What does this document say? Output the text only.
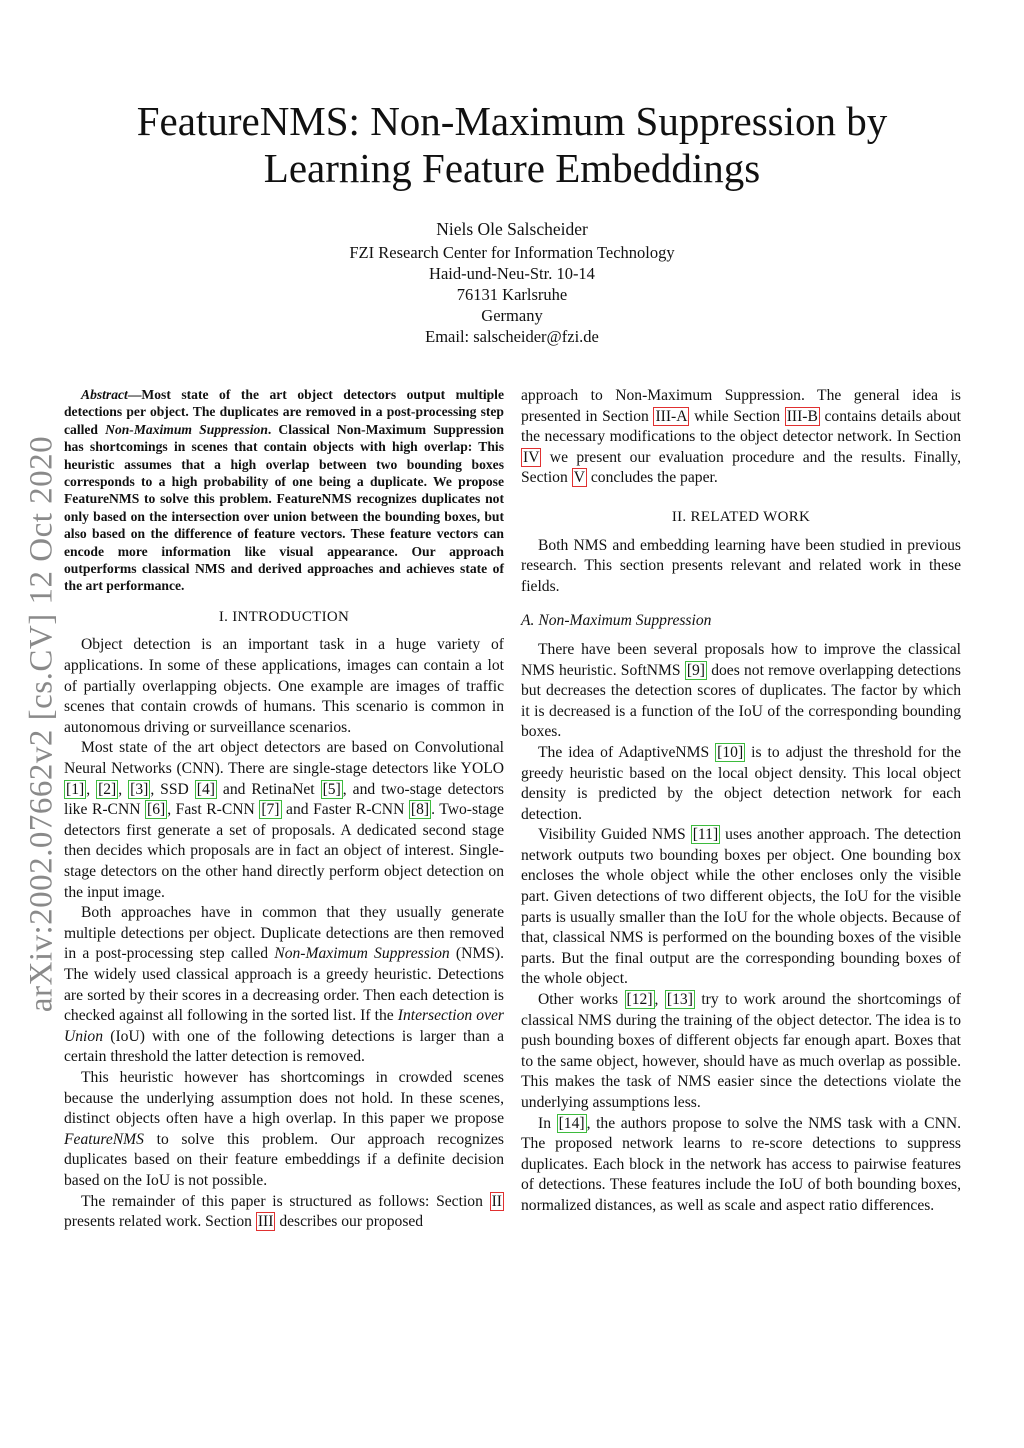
FeatureNMS: Non-Maximum Suppression by
Learning Feature Embeddings
Niels Ole Salscheider
FZI Research Center for Information Technology
Haid-und-Neu-Str. 10-14
76131 Karlsruhe
Germany
Email: salscheider@fzi.de
arXiv:2002.07662v2 [cs.CV] 12 Oct 2020
Abstract—Most state of the art object detectors output multiple detections per object. The duplicates are removed in a post-processing step called Non-Maximum Suppression. Classical Non-Maximum Suppression has shortcomings in scenes that contain objects with high overlap: This heuristic assumes that a high overlap between two bounding boxes corresponds to a high probability of one being a duplicate. We propose FeatureNMS to solve this problem. FeatureNMS recognizes duplicates not only based on the intersection over union between the bounding boxes, but also based on the difference of feature vectors. These feature vectors can encode more information like visual appearance. Our approach outperforms classical NMS and derived approaches and achieves state of the art performance.
I. INTRODUCTION

Object detection is an important task in a huge variety of applications. In some of these applications, images can contain a lot of partially overlapping objects. One example are images of traffic scenes that contain crowds of humans. This scenario is common in autonomous driving or surveillance scenarios.

Most state of the art object detectors are based on Convolutional Neural Networks (CNN). There are single-stage detectors like YOLO [1] , [2] , [3] , SSD [4] and RetinaNet [5] , and two-stage detectors like R-CNN [6] , Fast R-CNN [7] and Faster R-CNN [8] . Two-stage detectors first generate a set of proposals. A dedicated second stage then decides which proposals are in fact an object of interest. Single-stage detectors on the other hand directly perform object detection on the input image.

Both approaches have in common that they usually generate multiple detections per object. Duplicate detections are then removed in a post-processing step called Non-Maximum Suppression (NMS). The widely used classical approach is a greedy heuristic. Detections are sorted by their scores in a decreasing order. Then each detection is checked against all following in the sorted list. If the Intersection over Union (IoU) with one of the following detections is larger than a certain threshold the latter detection is removed.

This heuristic however has shortcomings in crowded scenes because the underlying assumption does not hold. In these scenes, distinct objects often have a high overlap. In this paper we propose FeatureNMS to solve this problem. Our approach recognizes duplicates based on their feature embeddings if a definite decision based on the IoU is not possible.

The remainder of this paper is structured as follows: Section II presents related work. Section III describes our proposed

approach to Non-Maximum Suppression. The general idea is presented in Section III-A while Section III-B contains details about the necessary modifications to the object detector network. In Section IV we present our evaluation procedure and the results. Finally, Section V concludes the paper.

II. RELATED WORK

Both NMS and embedding learning have been studied in previous research. This section presents relevant and related work in these fields.

A. Non-Maximum Suppression

There have been several proposals how to improve the classical NMS heuristic. SoftNMS [9] does not remove overlapping detections but decreases the detection scores of duplicates. The factor by which it is decreased is a function of the IoU of the corresponding bounding boxes.

The idea of AdaptiveNMS [10] is to adjust the threshold for the greedy heuristic based on the local object density. This local object density is predicted by the object detection network for each detection.

Visibility Guided NMS [11] uses another approach. The detection network outputs two bounding boxes per object. One bounding box encloses the whole object while the other encloses only the visible part. Given detections of two different objects, the IoU for the visible parts is usually smaller than the IoU for the whole objects. Because of that, classical NMS is performed on the bounding boxes of the visible parts. But the final output are the corresponding bounding boxes of the whole object.

Other works [12] , [13] try to work around the shortcomings of classical NMS during the training of the object detector. The idea is to push bounding boxes of different objects far enough apart. Boxes that to the same object, however, should have as much overlap as possible. This makes the task of NMS easier since the detections violate the underlying assumptions less.

In [14] , the authors propose to solve the NMS task with a CNN. The proposed network learns to re-score detections to suppress duplicates. Each block in the network has access to pairwise features of detections. These features include the IoU of both bounding boxes, normalized distances, as well as scale and aspect ratio differences.
